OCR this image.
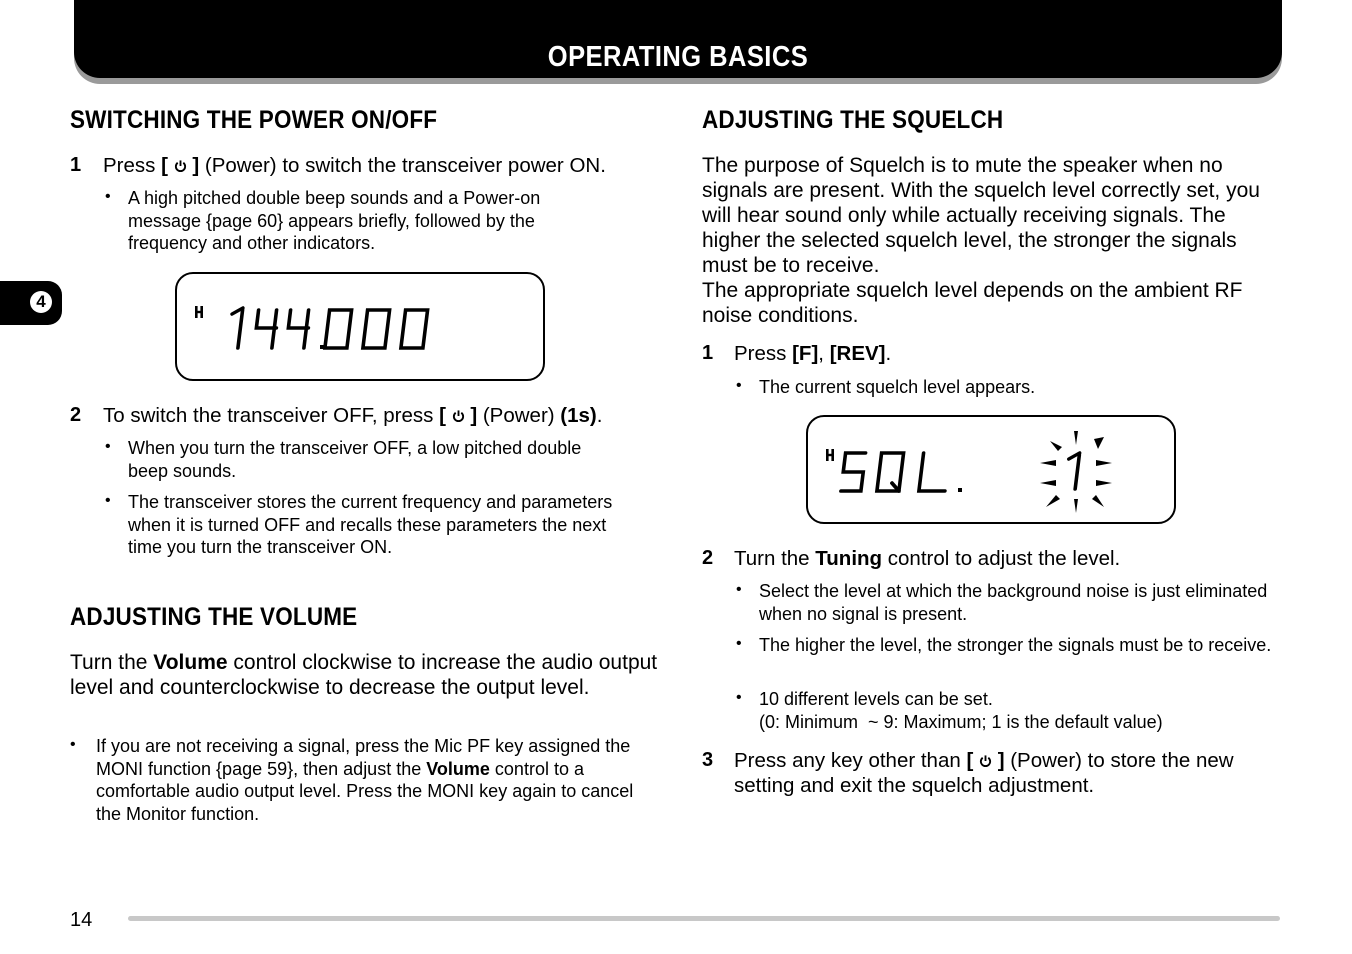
OPERATING BASICS
4
SWITCHING THE POWER ON/OFF
1 Press [ ] (Power) to switch the transceiver power ON.
• A high pitched double beep sounds and a Power-on message {page 60} appears briefly, followed by the frequency and other indicators.
2 To switch the transceiver OFF, press [ ] (Power) (1s).
• When you turn the transceiver OFF, a low pitched double beep sounds.
• The transceiver stores the current frequency and parameters when it is turned OFF and recalls these parameters the next time you turn the transceiver ON.
ADJUSTING THE VOLUME
Turn the Volume control clockwise to increase the audio output level and counterclockwise to decrease the output level.
• If you are not receiving a signal, press the Mic PF key assigned the MONI function {page 59}, then adjust the Volume control to a comfortable audio output level. Press the MONI key again to cancel the Monitor function.
ADJUSTING THE SQUELCH
The purpose of Squelch is to mute the speaker when no signals are present. With the squelch level correctly set, you will hear sound only while actually receiving signals. The higher the selected squelch level, the stronger the signals must be to receive.
The appropriate squelch level depends on the ambient RF noise conditions.
1 Press [F], [REV].
• The current squelch level appears.
2 Turn the Tuning control to adjust the level.
• Select the level at which the background noise is just eliminated when no signal is present.
• The higher the level, the stronger the signals must be to receive.
• 10 different levels can be set.
(0: Minimum  ~ 9: Maximum; 1 is the default value)
3 Press any key other than [ ] (Power) to store the new setting and exit the squelch adjustment.
14
